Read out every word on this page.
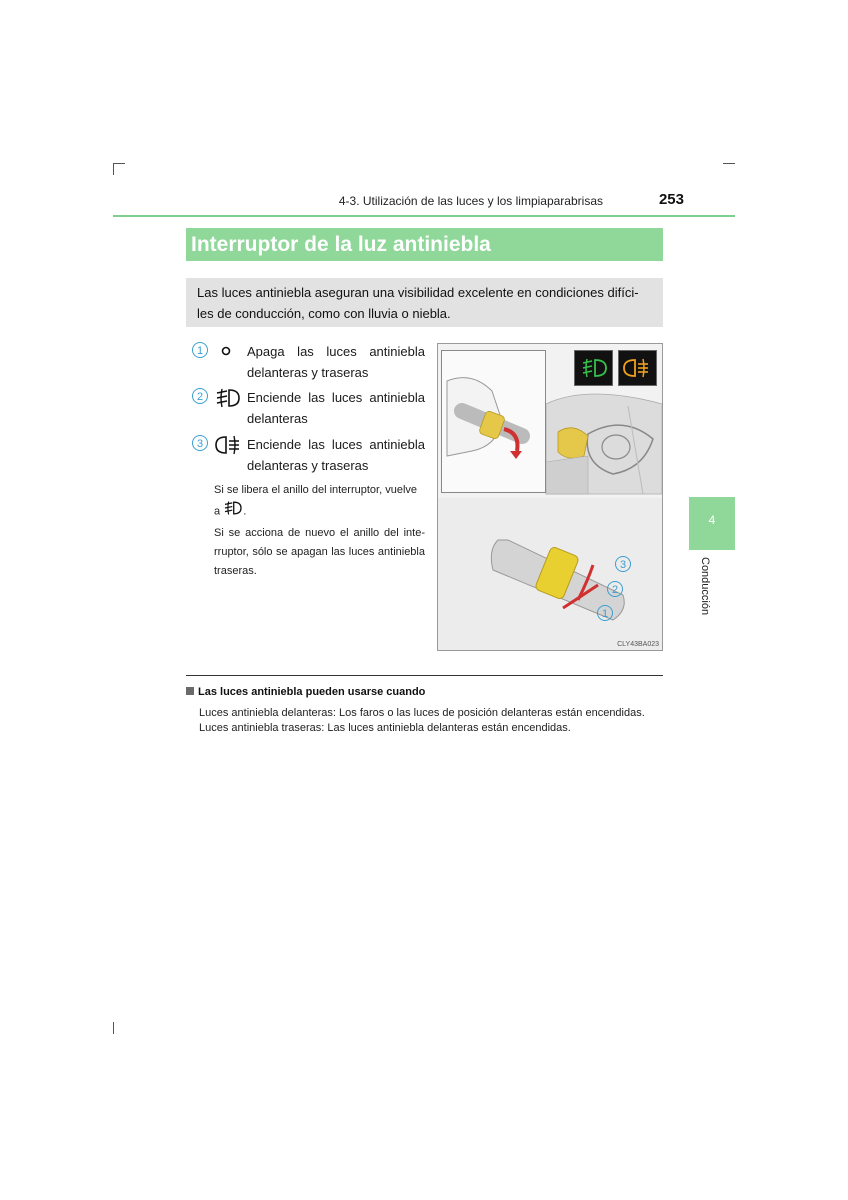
4-3. Utilización de las luces y los limpiaparabrisas	253
Interruptor de la luz antiniebla
Las luces antiniebla aseguran una visibilidad excelente en condiciones difíci-les de conducción, como con lluvia o niebla.
1	Apaga las luces antiniebla delanteras y traseras
2	Enciende las luces antiniebla delanteras
3	Enciende las luces antiniebla delanteras y traseras
Si se libera el anillo del interruptor, vuelve a .
Si se acciona de nuevo el anillo del inte-rruptor, sólo se apagan las luces antiniebla traseras.	3
2
1
CLY43BA023
Las luces antiniebla pueden usarse cuando
Luces antiniebla delanteras: Los faros o las luces de posición delanteras están encendidas.
Luces antiniebla traseras: Las luces antiniebla delanteras están encendidas.
4
Conducción
